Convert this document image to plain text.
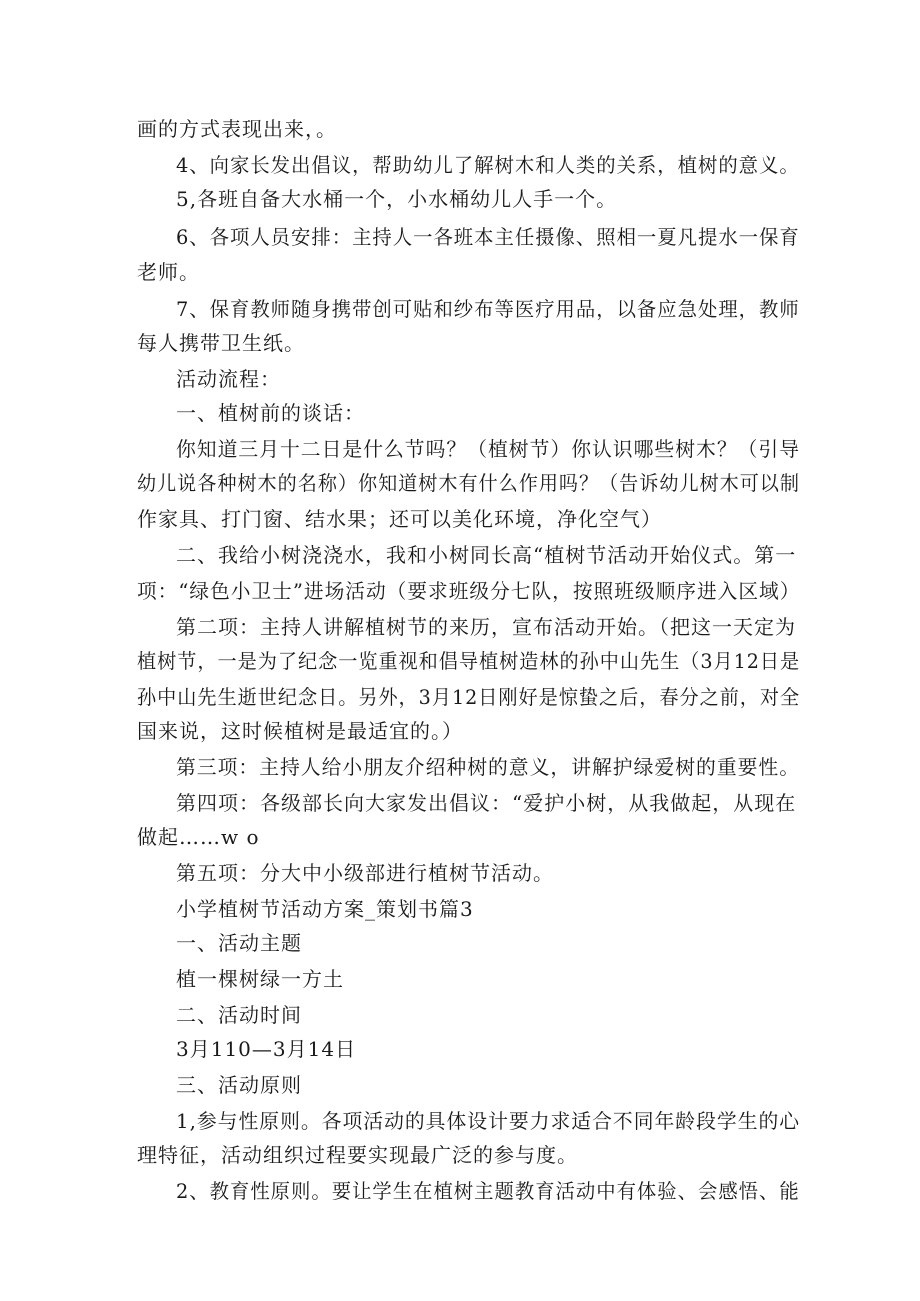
画的方式表现出来，。
4、向家长发出倡议，帮助幼儿了解树木和人类的关系，植树的意义。
5,各班自备大水桶一个，小水桶幼儿人手一个。
6、各项人员安排：主持人一各班本主任摄像、照相一夏凡提水一保育
老师。
7、保育教师随身携带创可贴和纱布等医疗用品，以备应急处理，教师
每人携带卫生纸。
活动流程：
一、植树前的谈话：
你知道三月十二日是什么节吗？（植树节）你认识哪些树木？（引导
幼儿说各种树木的名称）你知道树木有什么作用吗？（告诉幼儿树木可以制
作家具、打门窗、结水果；还可以美化环境，净化空气）
二、我给小树浇浇水，我和小树同长高“植树节活动开始仪式。第一
项：“绿色小卫士”进场活动（要求班级分七队，按照班级顺序进入区域）
第二项：主持人讲解植树节的来历，宣布活动开始。（把这一天定为
植树节，一是为了纪念一览重视和倡导植树造林的孙中山先生（3月12日是
孙中山先生逝世纪念日。另外，3月12日刚好是惊蛰之后，春分之前，对全
国来说，这时候植树是最适宜的。）
第三项：主持人给小朋友介绍种树的意义，讲解护绿爱树的重要性。
第四项：各级部长向大家发出倡议：“爱护小树，从我做起，从现在
做起……w o
第五项：分大中小级部进行植树节活动。
小学植树节活动方案_策划书篇3
一、活动主题
植一棵树绿一方土
二、活动时间
3月110—3月14日
三、活动原则
1,参与性原则。各项活动的具体设计要力求适合不同年龄段学生的心
理特征，活动组织过程要实现最广泛的参与度。
2、教育性原则。要让学生在植树主题教育活动中有体验、会感悟、能
